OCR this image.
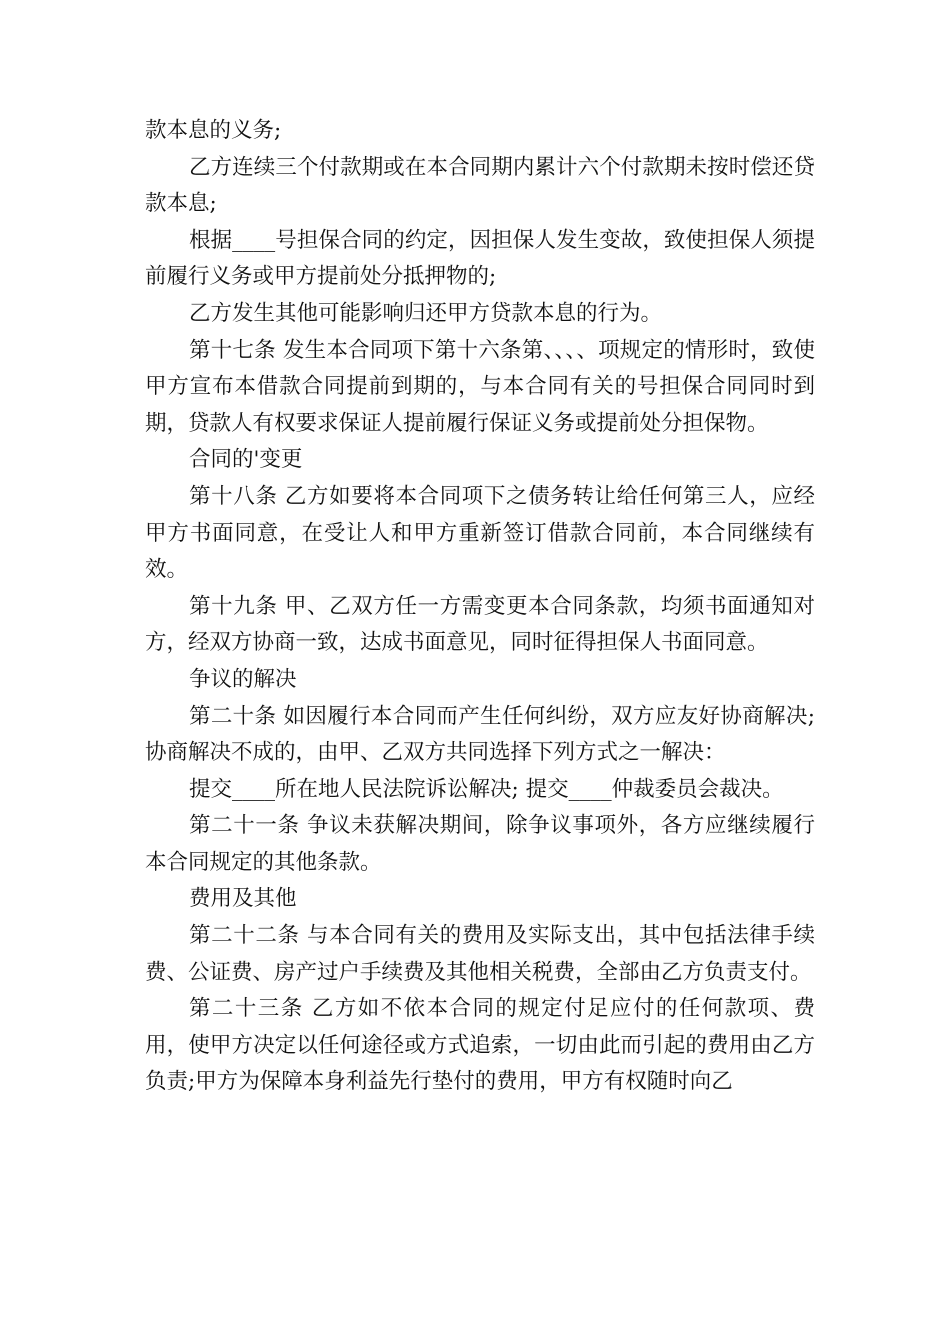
款本息的义务;

乙方连续三个付款期或在本合同期内累计六个付款期未按时偿还贷款本息;

根据____号担保合同的约定，因担保人发生变故，致使担保人须提前履行义务或甲方提前处分抵押物的;

乙方发生其他可能影响归还甲方贷款本息的行为。

第十七条 发生本合同项下第十六条第、、、、项规定的情形时，致使甲方宣布本借款合同提前到期的，与本合同有关的号担保合同同时到期，贷款人有权要求保证人提前履行保证义务或提前处分担保物。

合同的'变更

第十八条 乙方如要将本合同项下之债务转让给任何第三人，应经甲方书面同意，在受让人和甲方重新签订借款合同前，本合同继续有效。

第十九条 甲、乙双方任一方需变更本合同条款，均须书面通知对方，经双方协商一致，达成书面意见，同时征得担保人书面同意。

争议的解决

第二十条 如因履行本合同而产生任何纠纷，双方应友好协商解决;协商解决不成的，由甲、乙双方共同选择下列方式之一解决：

提交____所在地人民法院诉讼解决; 提交____仲裁委员会裁决。

第二十一条 争议未获解决期间，除争议事项外，各方应继续履行本合同规定的其他条款。

费用及其他

第二十二条 与本合同有关的费用及实际支出，其中包括法律手续费、公证费、房产过户手续费及其他相关税费，全部由乙方负责支付。

第二十三条 乙方如不依本合同的规定付足应付的任何款项、费用，使甲方决定以任何途径或方式追索，一切由此而引起的费用由乙方负责;甲方为保障本身利益先行垫付的费用，甲方有权随时向乙
